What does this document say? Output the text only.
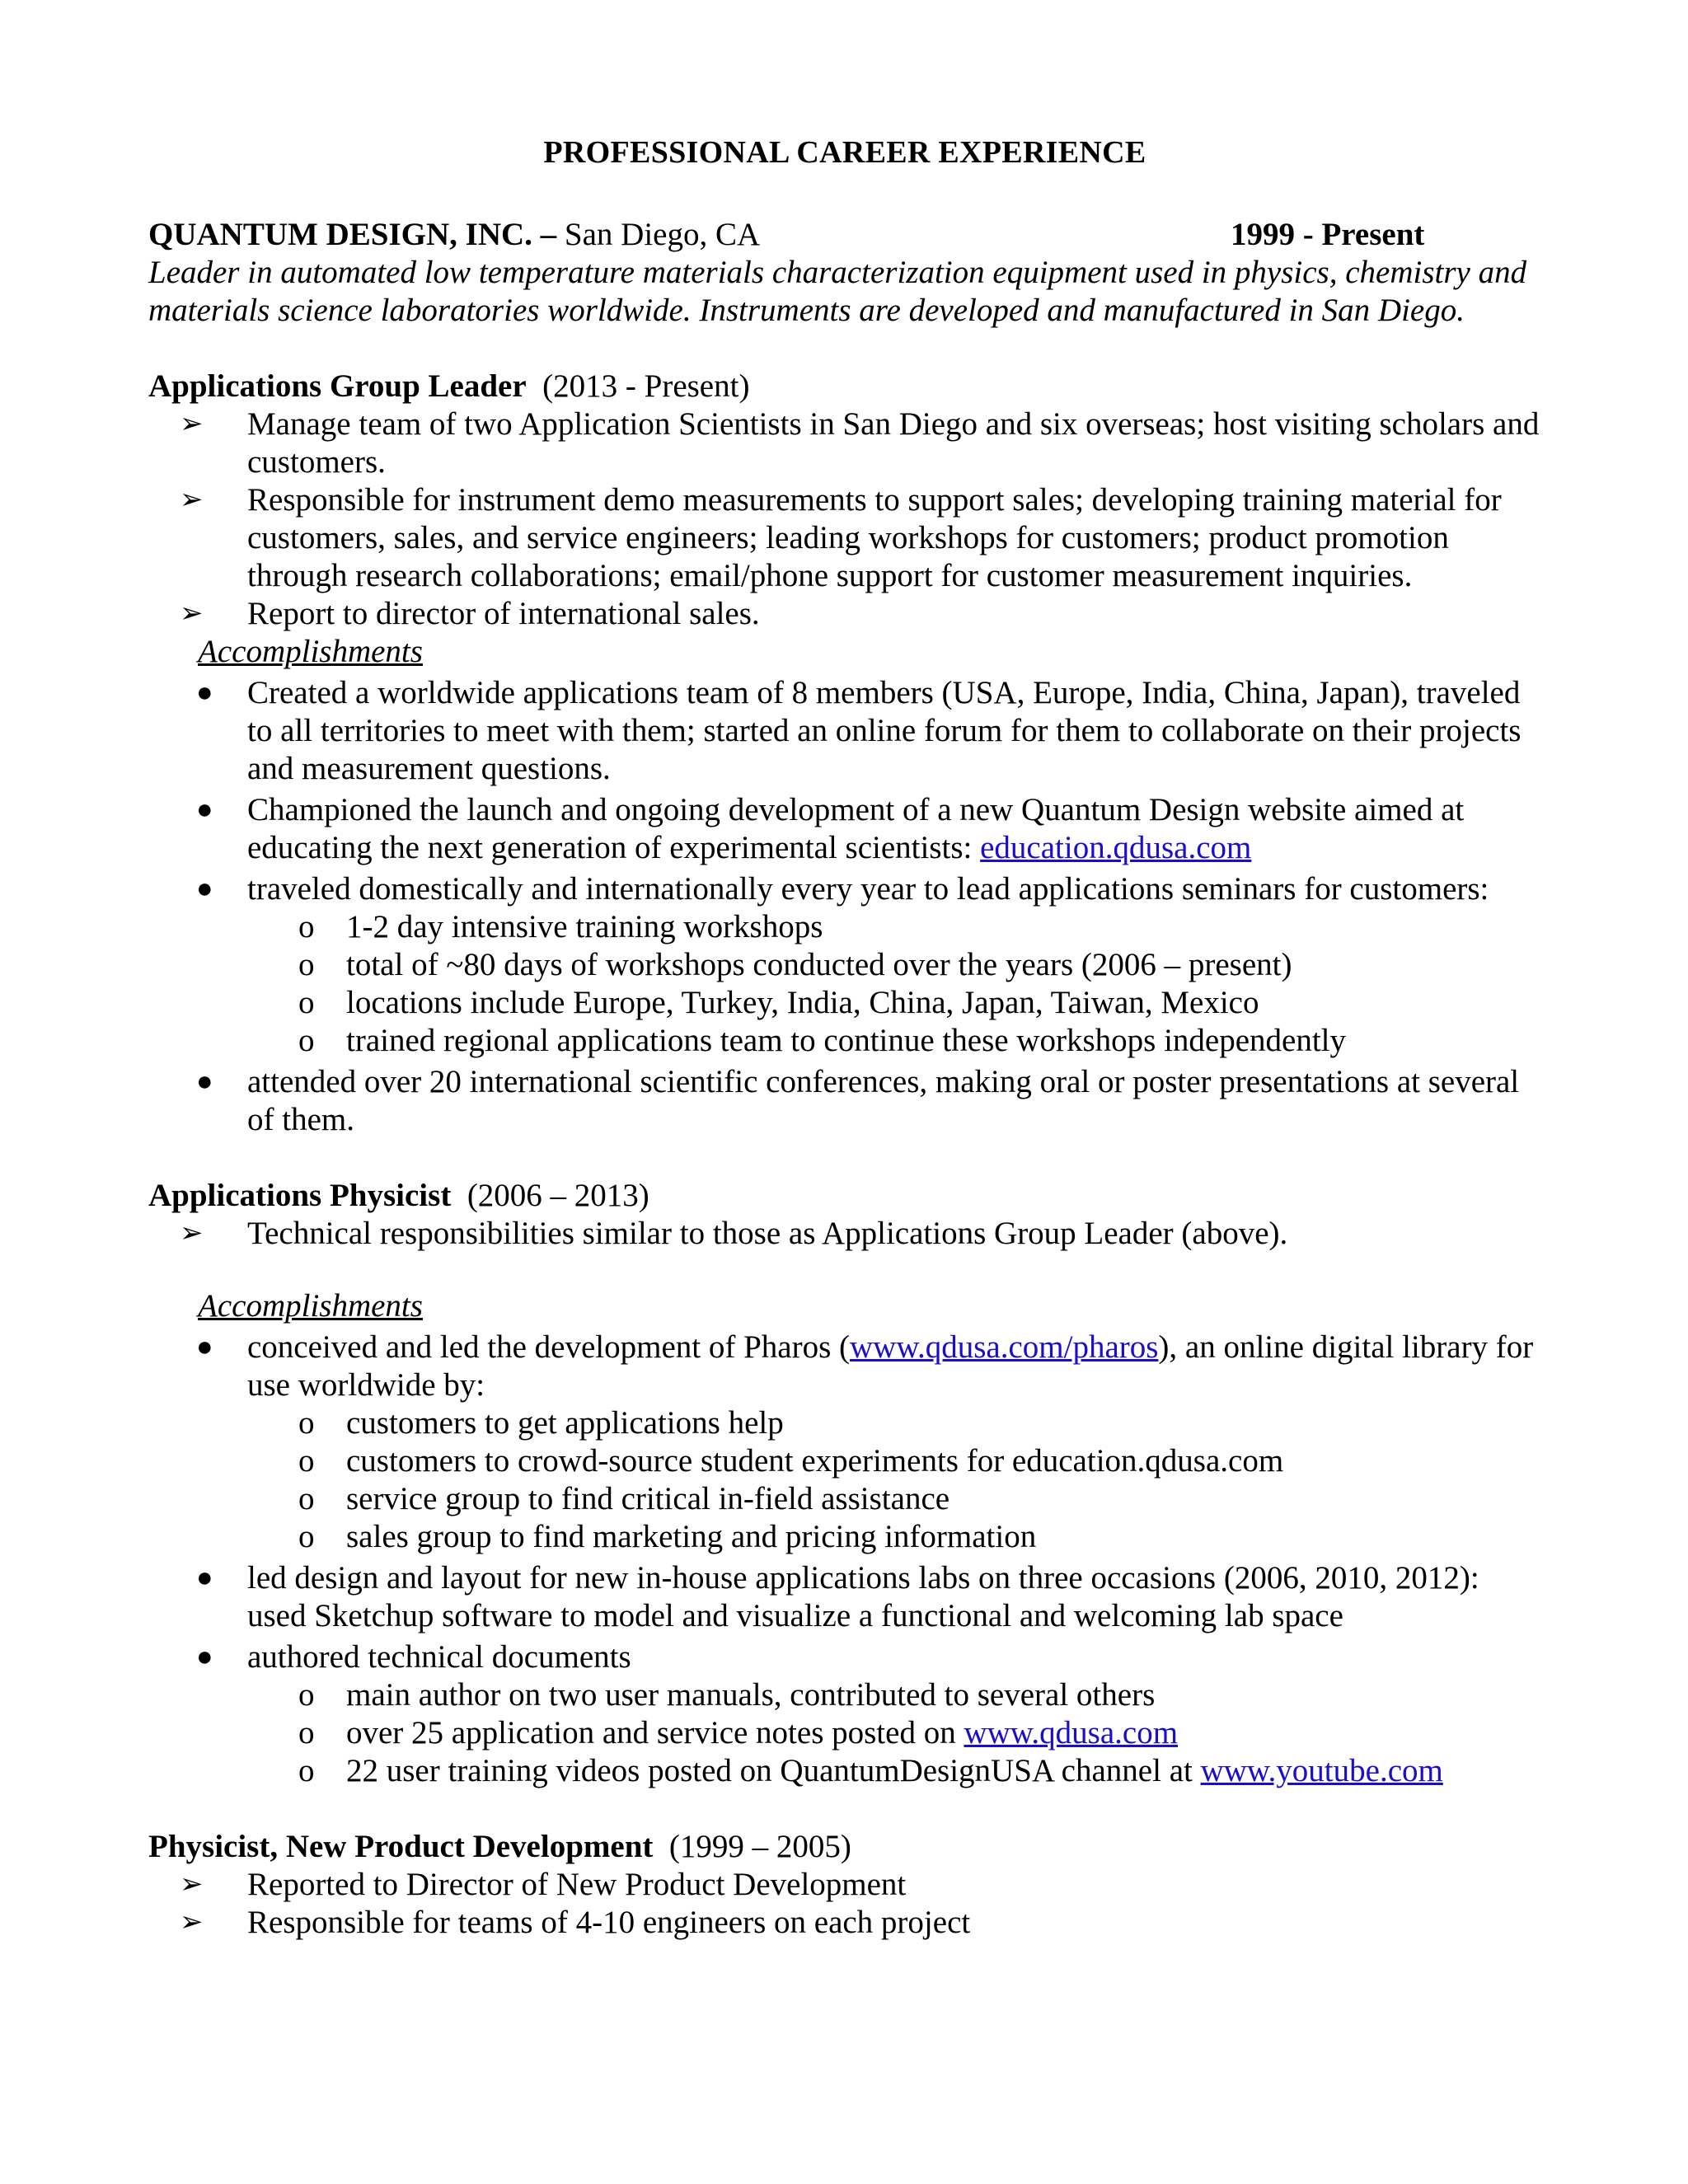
PROFESSIONAL CAREER EXPERIENCE
QUANTUM DESIGN, INC. – San Diego, CA	1999 - Present
Leader in automated low temperature materials characterization equipment used in physics, chemistry and materials science laboratories worldwide. Instruments are developed and manufactured in San Diego.
Applications Group Leader (2013 - Present)
➢ Manage team of two Application Scientists in San Diego and six overseas; host visiting scholars and customers.
➢ Responsible for instrument demo measurements to support sales; developing training material for customers, sales, and service engineers; leading workshops for customers; product promotion through research collaborations; email/phone support for customer measurement inquiries.
➢ Report to director of international sales.
Accomplishments
● Created a worldwide applications team of 8 members (USA, Europe, India, China, Japan), traveled to all territories to meet with them; started an online forum for them to collaborate on their projects and measurement questions.
● Championed the launch and ongoing development of a new Quantum Design website aimed at educating the next generation of experimental scientists: education.qdusa.com
● traveled domestically and internationally every year to lead applications seminars for customers:
o 1-2 day intensive training workshops
o total of ~80 days of workshops conducted over the years (2006 – present)
o locations include Europe, Turkey, India, China, Japan, Taiwan, Mexico
o trained regional applications team to continue these workshops independently
● attended over 20 international scientific conferences, making oral or poster presentations at several of them.
Applications Physicist (2006 – 2013)
➢ Technical responsibilities similar to those as Applications Group Leader (above).
Accomplishments
● conceived and led the development of Pharos (www.qdusa.com/pharos), an online digital library for use worldwide by:
o customers to get applications help
o customers to crowd-source student experiments for education.qdusa.com
o service group to find critical in-field assistance
o sales group to find marketing and pricing information
● led design and layout for new in-house applications labs on three occasions (2006, 2010, 2012): used Sketchup software to model and visualize a functional and welcoming lab space
● authored technical documents
o main author on two user manuals, contributed to several others
o over 25 application and service notes posted on www.qdusa.com
o 22 user training videos posted on QuantumDesignUSA channel at www.youtube.com
Physicist, New Product Development (1999 – 2005)
➢ Reported to Director of New Product Development
➢ Responsible for teams of 4-10 engineers on each project
